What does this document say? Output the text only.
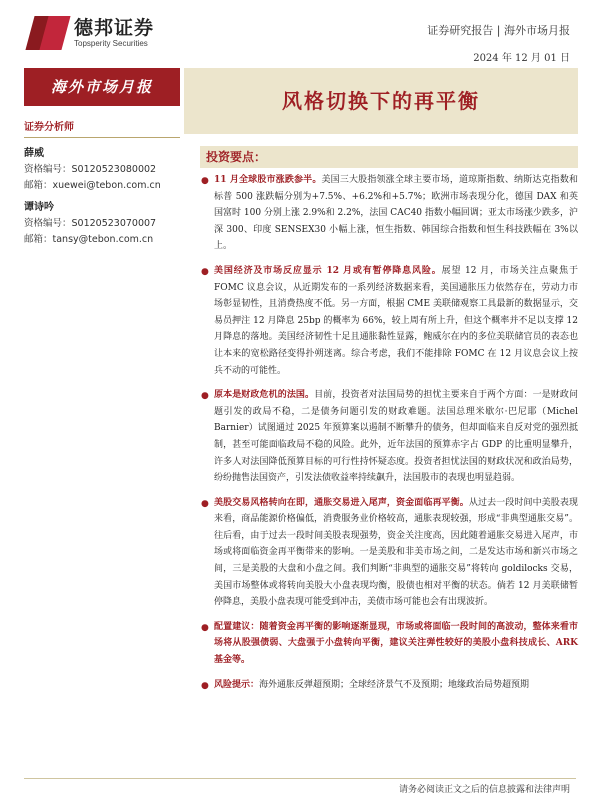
德邦证券
Topsperity Securities
证券研究报告 | 海外市场月报
2024 年 12 月 01 日
海外市场月报
风格切换下的再平衡
证券分析师
薛威
资格编号：S0120523080002
邮箱：xuewei@tebon.com.cn
谭诗吟
资格编号：S0120523070007
邮箱：tansy@tebon.com.cn
投资要点：
● 11 月全球股市涨跌参半。美国三大股指领涨全球主要市场，道琼斯指数、纳斯达克指数和标普 500 涨跌幅分别为+7.5%、+6.2%和+5.7%；欧洲市场表现分化，德国 DAX 和英国富时 100 分别上涨 2.9%和 2.2%，法国 CAC40 指数小幅回调；亚太市场涨少跌多，沪深 300、印度 SENSEX30 小幅上涨，恒生指数、韩国综合指数和恒生科技跌幅在 3%以上。
● 美国经济及市场反应显示 12 月或有暂停降息风险。展望 12 月，市场关注点聚焦于 FOMC 议息会议，从近期发布的一系列经济数据来看，美国通胀压力依然存在，劳动力市场彰显韧性，且消费热度不低。另一方面，根据 CME 美联储观察工具最新的数据显示，交易员押注 12 月降息 25bp 的概率为 66%，较上周有所上升，但这个概率并不足以支撑 12 月降息的落地。美国经济韧性十足且通胀黏性显露，鲍威尔在内的多位美联储官员的表态也让本来的宽松路径变得扑朔迷离。综合考虑，我们不能排除 FOMC 在 12 月议息会议上按兵不动的可能性。
● 原本是财政危机的法国。目前，投资者对法国局势的担忧主要来自于两个方面：一是财政问题引发的政局不稳，二是债务问题引发的财政难题。法国总理米歇尔·巴尼耶（Michel Barnier）试图通过 2025 年预算案以遏制不断攀升的债务，但却面临来自反对党的强烈抵制，甚至可能面临政局不稳的风险。此外，近年法国的预算赤字占 GDP 的比重明显攀升，许多人对法国降低预算目标的可行性持怀疑态度。投资者担忧法国的财政状况和政治局势，纷纷抛售法国资产，引发法债收益率持续飙升，法国股市的表现也明显趋弱。
● 美股交易风格转向在即，通胀交易进入尾声，资金面临再平衡。从过去一段时间中美股表现来看，商品能源价格偏低，消费服务业价格较高，通胀表现较强，形成“非典型通胀交易”。往后看，由于过去一段时间美股表现强势，资金关注度高，因此随着通胀交易进入尾声，市场或将面临资金再平衡带来的影响。一是美股和非美市场之间，二是发达市场和新兴市场之间，三是美股的大盘和小盘之间。我们判断“非典型的通胀交易”将转向 goldilocks 交易，美国市场整体或将转向美股大小盘表现均衡，股债也相对平衡的状态。倘若 12 月美联储暂停降息，美股小盘表现可能受到冲击，美债市场可能也会有出现波折。
● 配置建议：随着资金再平衡的影响逐渐显现，市场或将面临一段时间的高波动，整体来看市场将从股强债弱、大盘强于小盘转向平衡，建议关注弹性较好的美股小盘科技成长、ARK 基金等。
● 风险提示：海外通胀反弹超预期；全球经济景气不及预期；地缘政治局势超预期
请务必阅读正文之后的信息披露和法律声明
